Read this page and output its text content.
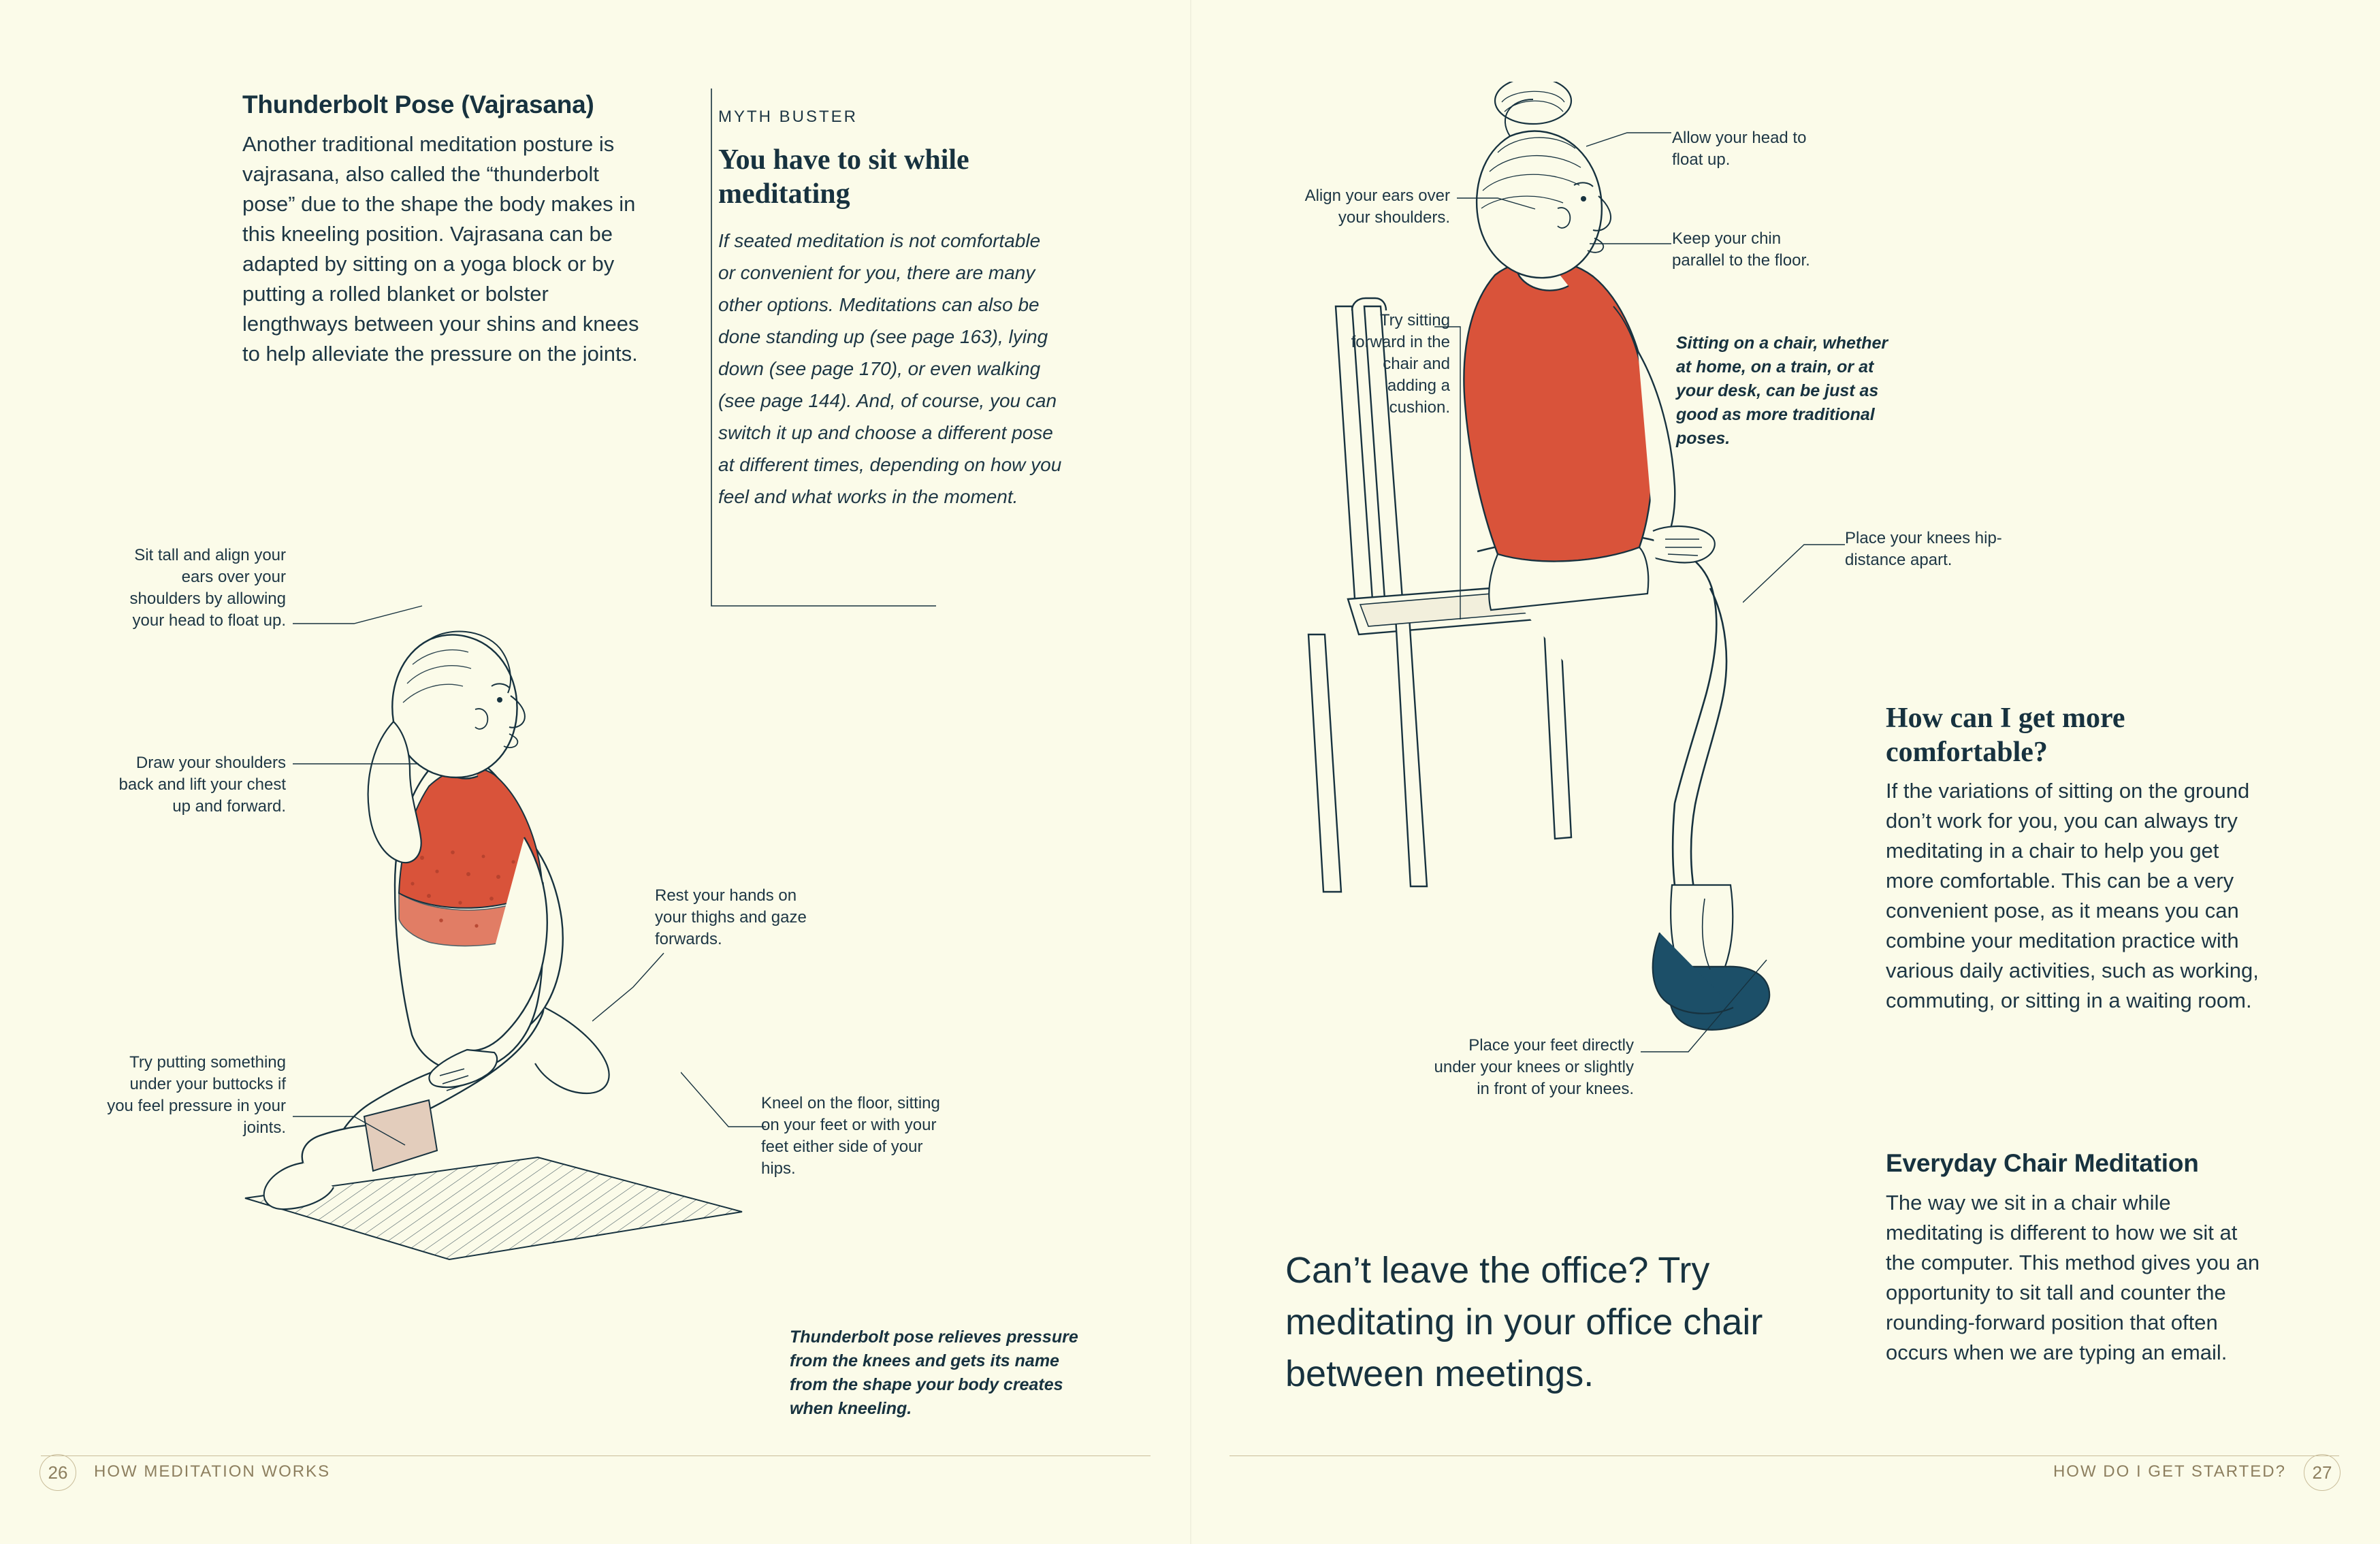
Thunderbolt Pose (Vajrasana)
Another traditional meditation posture is vajrasana, also called the “thunderbolt pose” due to the shape the body makes in this kneeling position. Vajrasana can be adapted by sitting on a yoga block or by putting a rolled blanket or bolster lengthways between your shins and knees to help alleviate the pressure on the joints.
MYTH BUSTER
You have to sit while meditating
If seated meditation is not comfortable or convenient for you, there are many other options. Meditations can also be done standing up (see page 163), lying down (see page 170), or even walking (see page 144). And, of course, you can switch it up and choose a different pose at different times, depending on how you feel and what works in the moment.
Sit tall and align your ears over your shoulders by allowing your head to float up.
Draw your shoulders back and lift your chest up and forward.
Rest your hands on your thighs and gaze forwards.
Try putting something under your buttocks if you feel pressure in your joints.
Kneel on the floor, sitting on your feet or with your feet either side of your hips.
Thunderbolt pose relieves pressure from the knees and gets its name from the shape your body creates when kneeling.
Allow your head to float up.
Align your ears over your shoulders.
Keep your chin parallel to the floor.
Try sitting forward in the chair and adding a cushion.
Place your knees hip-distance apart.
Place your feet directly under your knees or slightly in front of your knees.
Sitting on a chair, whether at home, on a train, or at your desk, can be just as good as more traditional poses.
How can I get more comfortable?
If the variations of sitting on the ground don’t work for you, you can always try meditating in a chair to help you get more comfortable. This can be a very convenient pose, as it means you can combine your meditation practice with various daily activities, such as working, commuting, or sitting in a waiting room.
Everyday Chair Meditation
The way we sit in a chair while meditating is different to how we sit at the computer. This method gives you an opportunity to sit tall and counter the rounding-forward position that often occurs when we are typing an email.
Can’t leave the office? Try meditating in your office chair between meetings.
26 HOW MEDITATION WORKS	HOW DO I GET STARTED? 27
